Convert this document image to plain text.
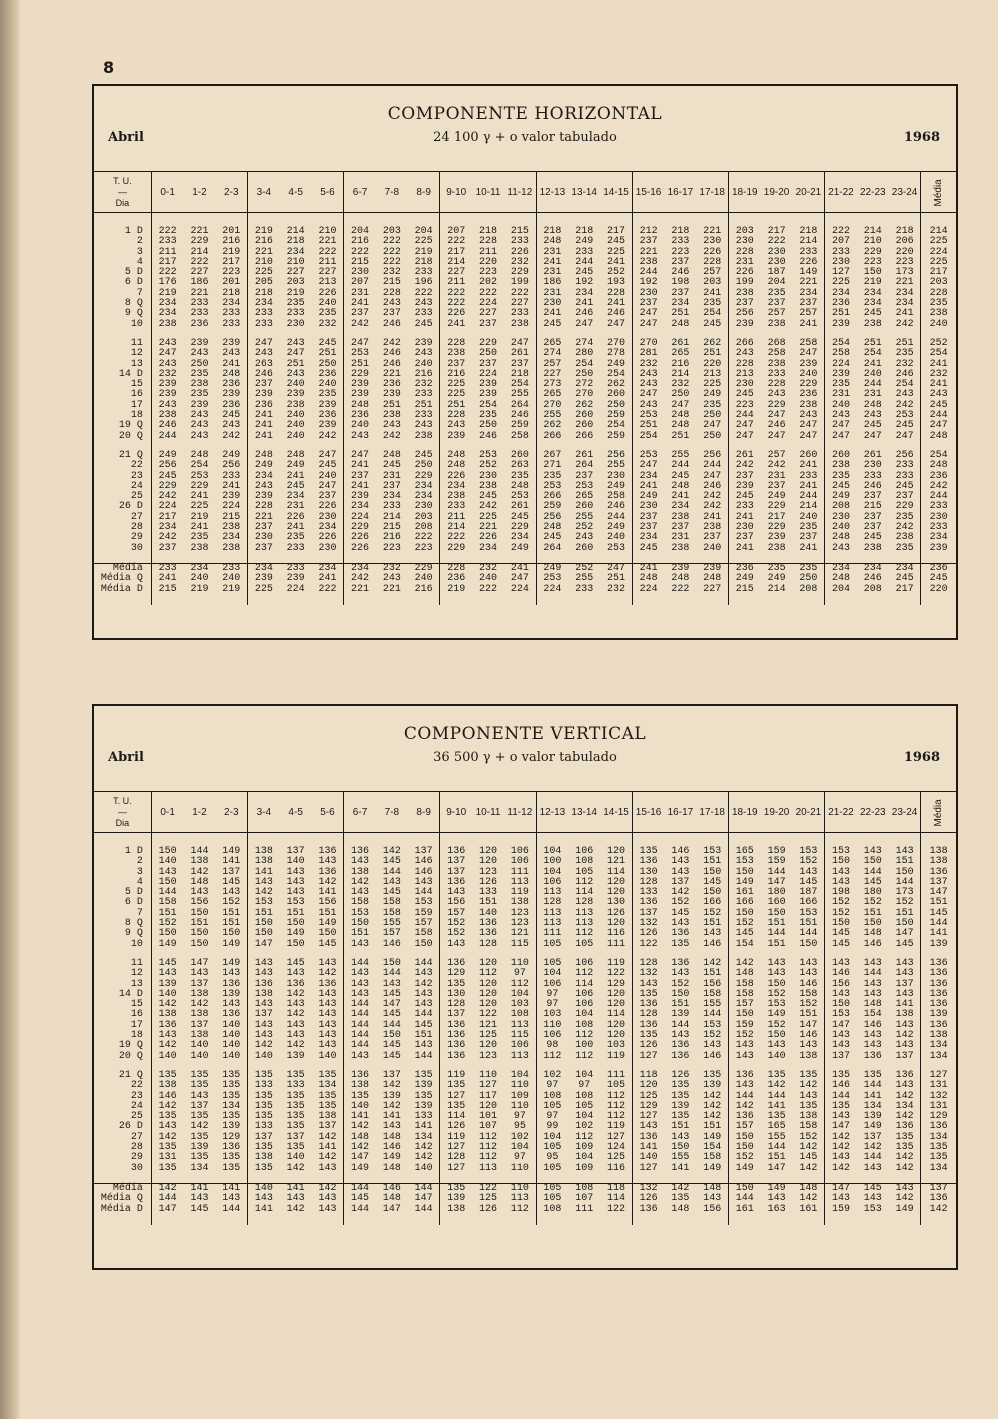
8
COMPONENTE HORIZONTAL
Abril	24 100 γ + o valor tabulado	1968
T. U.
—
Dia	0-1	1-2	2-3	3-4	4-5	5-6	6-7	7-8	8-9	9-10	10-11	11-12	12-13	13-14	14-15	15-16	16-17	17-18	18-19	19-20	20-21	21-22	22-23	23-24	Média

1 D	222	221	201	219	214	210	204	203	204	207	218	215	218	218	217	212	218	221	203	217	218	222	214	218	214
2	233	229	216	216	218	221	216	222	225	222	228	233	248	249	245	237	233	230	230	222	214	207	210	206	225
3	211	214	219	221	234	222	222	222	219	217	211	226	231	233	225	221	223	226	228	230	233	233	229	220	224
4	217	222	217	210	210	211	215	222	218	214	220	232	241	244	241	238	237	228	231	230	226	230	223	223	225
5 D	222	227	223	225	227	227	230	232	233	227	223	229	231	245	252	244	246	257	226	187	149	127	150	173	217
6 D	176	186	201	205	203	213	207	215	196	211	202	199	186	192	193	192	198	203	199	204	221	225	219	221	203
7	219	221	218	218	219	226	231	228	222	222	222	222	231	234	228	230	237	241	238	235	234	234	234	234	228
8 Q	234	233	234	234	235	240	241	243	243	222	224	227	230	241	241	237	234	235	237	237	237	236	234	234	235
9 Q	234	233	233	233	233	235	237	237	233	226	227	233	241	246	246	247	251	254	256	257	257	251	245	241	238
10	238	236	233	233	230	232	242	246	245	241	237	238	245	247	247	247	248	245	239	238	241	239	238	242	240

11	243	239	239	247	243	245	247	242	239	228	229	247	265	274	270	270	261	262	266	268	258	254	251	251	252
12	247	243	243	243	247	251	253	246	243	238	250	261	274	280	278	281	265	251	243	258	247	258	254	235	254
13	243	250	241	263	251	250	251	246	240	237	237	237	257	254	249	232	216	220	228	238	239	224	241	232	241
14 D	232	235	248	246	243	236	229	221	216	216	224	218	227	250	254	243	214	213	213	233	240	239	240	246	232
15	239	238	236	237	240	240	239	236	232	225	239	254	273	272	262	243	232	225	230	228	229	235	244	254	241
16	239	235	239	239	239	235	239	239	233	225	239	255	265	270	260	247	250	249	245	243	236	231	231	243	243
17	243	239	236	236	238	239	248	251	251	251	254	264	270	262	250	243	247	235	223	229	238	240	248	242	245
18	238	243	245	241	240	236	236	238	233	228	235	246	255	260	259	253	248	250	244	247	243	243	243	253	244
19 Q	246	243	243	241	240	239	240	243	243	243	250	259	262	260	254	251	248	247	247	246	247	247	245	245	247
20 Q	244	243	242	241	240	242	243	242	238	239	246	258	266	266	259	254	251	250	247	247	247	247	247	247	248

21 Q	249	248	249	248	248	247	247	248	245	248	253	260	267	261	256	253	255	256	261	257	260	260	261	256	254
22	256	254	256	249	249	245	241	245	250	248	252	263	271	264	255	247	244	244	242	242	241	238	230	233	248
23	245	253	233	234	241	240	237	231	229	226	230	235	235	237	230	234	245	247	237	231	233	235	233	233	236
24	229	229	241	243	245	247	241	237	234	234	238	248	253	253	249	241	248	246	239	237	241	245	246	245	242
25	242	241	239	239	234	237	239	234	234	238	245	253	266	265	258	249	241	242	245	249	244	249	237	237	244
26 D	224	225	224	228	231	226	234	233	230	233	242	261	259	260	246	230	234	242	233	229	214	208	215	229	233
27	217	219	215	221	226	230	224	214	203	211	225	245	256	255	244	237	238	241	241	217	240	230	237	235	230
28	234	241	238	237	241	234	229	215	208	214	221	229	248	252	249	237	237	238	230	229	235	240	237	242	233
29	242	235	234	230	235	226	226	216	222	222	226	234	245	243	240	234	231	237	237	239	237	248	245	238	234
30	237	238	238	237	233	230	226	223	223	229	234	249	264	260	253	245	238	240	241	238	241	243	238	235	239

Média	233	234	233	234	233	234	234	232	229	228	232	241	249	252	247	241	239	239	236	235	235	234	234	234	236
Média Q	241	240	240	239	239	241	242	243	240	236	240	247	253	255	251	248	248	248	249	249	250	248	246	245	245
Média D	215	219	219	225	224	222	221	221	216	219	222	224	224	233	232	224	222	227	215	214	208	204	208	217	220

COMPONENTE VERTICAL
Abril	36 500 γ + o valor tabulado	1968
T. U.
—
Dia	0-1	1-2	2-3	3-4	4-5	5-6	6-7	7-8	8-9	9-10	10-11	11-12	12-13	13-14	14-15	15-16	16-17	17-18	18-19	19-20	20-21	21-22	22-23	23-24	Média

1 D	150	144	149	138	137	136	136	142	137	136	120	106	104	106	120	135	146	153	165	159	153	153	143	143	138
2	140	138	141	138	140	143	143	145	146	137	120	106	100	108	121	136	143	151	153	159	152	150	150	151	138
3	143	142	137	141	143	136	138	144	146	137	123	111	104	105	114	130	143	150	150	144	143	143	144	150	136
4	150	148	145	143	143	142	142	143	143	136	126	113	106	112	120	128	137	145	149	147	145	143	145	144	137
5 D	144	143	143	142	143	141	143	145	144	143	133	119	113	114	120	133	142	150	161	180	187	198	180	173	147
6 D	158	156	152	153	153	156	158	158	153	156	151	138	128	128	130	136	152	166	166	160	166	152	152	152	151
7	151	150	151	151	151	151	153	158	159	157	140	123	113	113	126	137	145	152	150	150	153	152	151	151	145
8 Q	152	151	151	150	150	149	150	155	157	152	136	123	113	113	120	132	143	151	152	151	151	150	150	150	144
9 Q	150	150	150	150	149	150	151	157	158	152	136	121	111	112	116	126	136	143	145	144	144	145	148	147	141
10	149	150	149	147	150	145	143	146	150	143	128	115	105	105	111	122	135	146	154	151	150	145	146	145	139

11	145	147	149	143	145	143	144	150	144	136	120	110	105	106	119	128	136	142	142	143	143	143	143	143	136
12	143	143	143	143	143	142	143	144	143	129	112	97	104	112	122	132	143	151	148	143	143	146	144	143	136
13	139	137	136	136	136	136	143	143	142	135	120	112	106	114	129	143	152	156	158	150	146	156	143	137	136
14 D	140	138	139	138	142	143	143	145	143	130	120	104	97	106	120	135	150	158	158	152	158	143	143	143	136
15	142	142	143	143	143	143	144	147	143	128	120	103	97	106	120	136	151	155	157	153	152	150	148	141	136
16	138	138	136	137	142	143	144	145	144	137	122	108	103	104	114	128	139	144	150	149	151	153	154	138	139
17	136	137	140	143	143	143	144	144	145	136	121	113	110	108	120	136	144	153	159	152	147	147	146	143	136
18	143	138	140	143	143	143	144	150	151	136	125	115	106	112	120	135	143	152	152	150	146	143	143	142	138
19 Q	142	140	140	142	142	143	144	145	143	136	120	106	98	100	103	126	136	143	143	143	143	143	143	143	134
20 Q	140	140	140	140	139	140	143	145	144	136	123	113	112	112	119	127	136	146	143	140	138	137	136	137	134

21 Q	135	135	135	135	135	135	136	137	135	119	110	104	102	104	111	118	126	135	136	135	135	135	135	136	127
22	138	135	135	133	133	134	138	142	139	135	127	110	97	97	105	120	135	139	143	142	142	146	144	143	131
23	146	143	135	135	135	135	135	139	135	127	117	109	108	108	112	125	135	142	144	144	143	144	141	142	132
24	142	137	134	135	135	135	140	142	139	135	120	110	105	105	112	129	139	142	142	141	135	135	134	134	131
25	135	135	135	135	135	138	141	141	133	114	101	97	97	104	112	127	135	142	136	135	138	143	139	142	129
26 D	143	142	139	133	135	137	142	143	141	126	107	95	99	102	119	143	151	151	157	165	158	147	149	136	136
27	142	135	129	137	137	142	148	148	134	119	112	102	104	112	127	136	143	149	150	155	152	142	137	135	134
28	135	139	136	135	135	141	142	146	142	127	112	104	105	109	124	141	150	154	150	144	142	142	142	135	135
29	131	135	135	138	140	142	147	149	142	128	112	97	95	104	125	140	155	158	152	151	145	143	144	142	135
30	135	134	135	135	142	143	149	148	140	127	113	110	105	109	116	127	141	149	149	147	142	142	143	142	134

Média	142	141	141	140	141	142	144	146	144	135	122	110	105	108	118	132	142	148	150	149	148	147	145	143	137
Média Q	144	143	143	143	143	143	145	148	147	139	125	113	105	107	114	126	135	143	144	143	142	143	143	142	136
Média D	147	145	144	141	142	143	144	147	144	138	126	112	108	111	122	136	148	156	161	163	161	159	153	149	142
